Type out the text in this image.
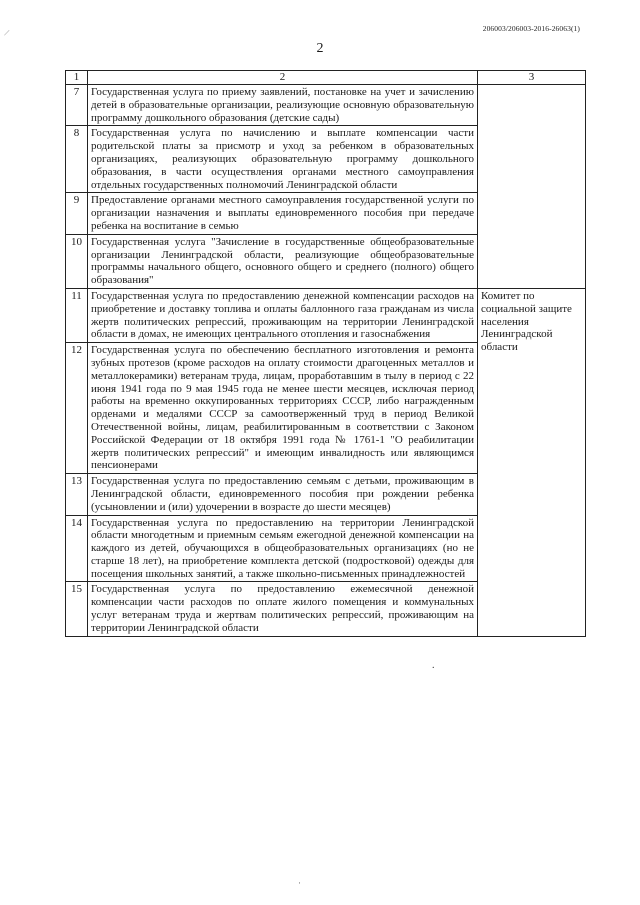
/	206003/206003-2016-26063(1)
2
1	2	3
7	Государственная услуга по приему заявлений, постановке на учет и зачислению детей в образовательные организации, реализующие основную образовательную программу дошкольного образования (детские сады)	
8	Государственная услуга по начислению и выплате компенсации части родительской платы за присмотр и уход за ребенком в образовательных организациях, реализующих образовательную программу дошкольного образования, в части осуществления органами местного самоуправления отдельных государственных полномочий Ленинградской области	
9	Предоставление органами местного самоуправления государственной услуги по организации назначения и выплаты единовременного пособия при передаче ребенка на воспитание в семью	
10	Государственная услуга "Зачисление в государственные общеобразовательные организации Ленинградской области, реализующие общеобразовательные программы начального общего, основного общего и среднего (полного) общего образования"	
11	Государственная услуга по предоставлению денежной компенсации расходов на приобретение и доставку топлива и оплаты баллонного газа гражданам из числа жертв политических репрессий, проживающим на территории Ленинградской области в домах, не имеющих центрального отопления и газоснабжения	Комитет по социальной защите населения Ленинградской области
12	Государственная услуга по обеспечению бесплатного изготовления и ремонта зубных протезов (кроме расходов на оплату стоимости драгоценных металлов и металлокерамики) ветеранам труда, лицам, проработавшим в тылу в период с 22 июня 1941 года по 9 мая 1945 года не менее шести месяцев, исключая период работы на временно оккупированных территориях СССР, либо награжденным орденами и медалями СССР за самоотверженный труд в период Великой Отечественной войны, лицам, реабилитированным в соответствии с Законом Российской Федерации от 18 октября 1991 года № 1761-1 "О реабилитации жертв политических репрессий" и имеющим инвалидность или являющимся пенсионерами	
13	Государственная услуга по предоставлению семьям с детьми, проживающим в Ленинградской области, единовременного пособия при рождении ребенка (усыновлении и (или) удочерении в возрасте до шести месяцев)	
14	Государственная услуга по предоставлению на территории Ленинградской области многодетным и приемным семьям ежегодной денежной компенсации на каждого из детей, обучающихся в общеобразовательных организациях (но не старше 18 лет), на приобретение комплекта детской (подростковой) одежды для посещения школьных занятий, а также школьно-письменных принадлежностей	
15	Государственная услуга по предоставлению ежемесячной денежной компенсации части расходов по оплате жилого помещения и коммунальных услуг ветеранам труда и жертвам политических репрессий, проживающим на территории Ленинградской области	
.
·
